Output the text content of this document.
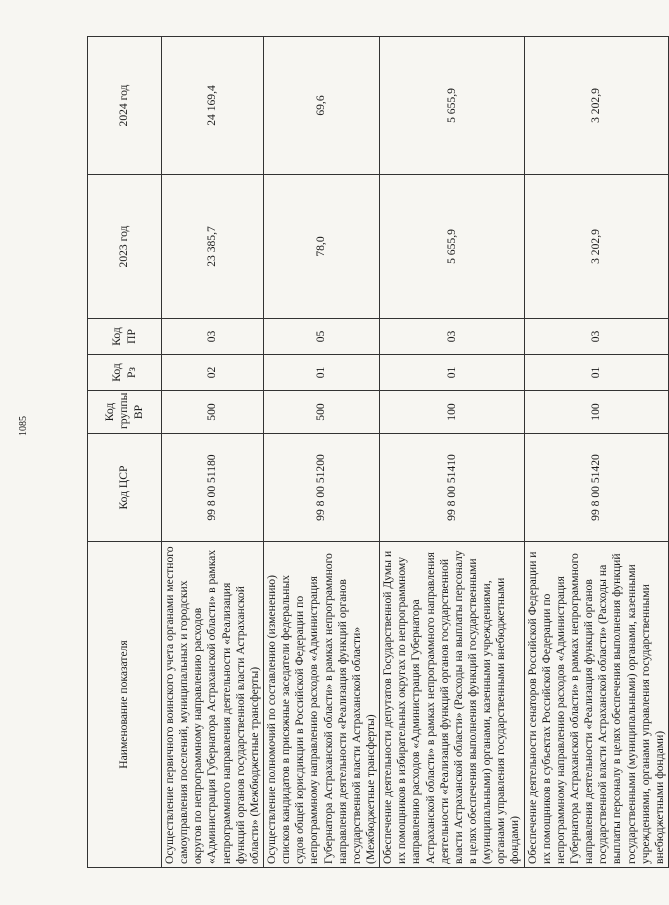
1085
Наименование показателя	Код ЦСР	Код группы ВР	Код Рз	Код ПР	2023 год	2024 год
Осуществление первичного воинского учета органами местного самоуправления поселений, муниципальных и городских округов по непрограммному направлению расходов «Администрация Губернатора Астраханской области» в рамках непрограммного направления деятельности «Реализация функций органов государственной власти Астраханской области» (Межбюджетные трансферты)	99 8 00 51180	500	02	03	23 385,7	24 169,4
Осуществление полномочий по составлению (изменению) списков кандидатов в присяжные заседатели федеральных судов общей юрисдикции в Российской Федерации по непрограммному направлению расходов «Администрация Губернатора Астраханской области» в рамках непрограммного направления деятельности «Реализация функций органов государственной власти Астраханской области» (Межбюджетные трансферты)	99 8 00 51200	500	01	05	78,0	69,6
Обеспечение деятельности депутатов Государственной Думы и их помощников в избирательных округах по непрограммному направлению расходов «Администрация Губернатора Астраханской области» в рамках непрограммного направления деятельности «Реализация функций органов государственной власти Астраханской области» (Расходы на выплаты персоналу в целях обеспечения выполнения функций государственными (муниципальными) органами, казенными учреждениями, органами управления государственными внебюджетными фондами)	99 8 00 51410	100	01	03	5 655,9	5 655,9
Обеспечение деятельности сенаторов Российской Федерации и их помощников в субъектах Российской Федерации по непрограммному направлению расходов «Администрация Губернатора Астраханской области» в рамках непрограммного направления деятельности «Реализация функций органов государственной власти Астраханской области» (Расходы на выплаты персоналу в целях обеспечения выполнения функций государственными (муниципальными) органами, казенными учреждениями, органами управления государственными внебюджетными фондами)	99 8 00 51420	100	01	03	3 202,9	3 202,9
